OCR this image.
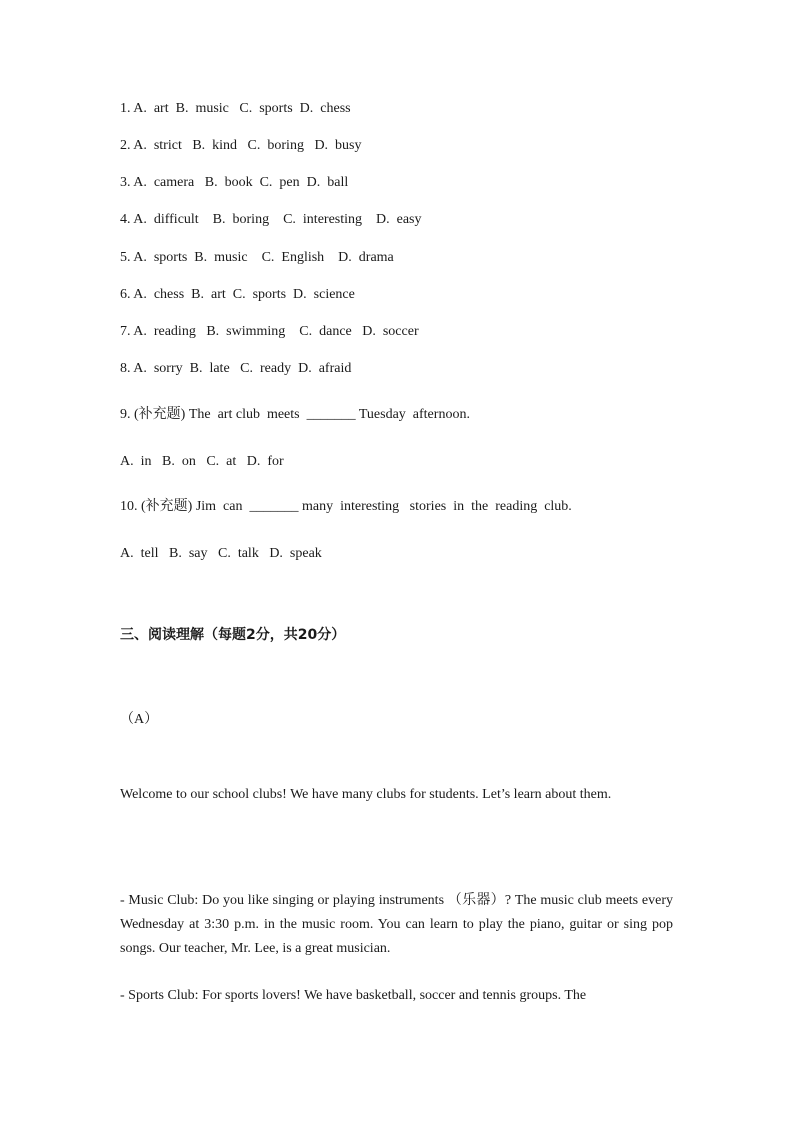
1. A.  art  B.  music   C.  sports  D.  chess
2. A.  strict   B.  kind   C.  boring   D.  busy
3. A.  camera   B.  book  C.  pen  D.  ball
4. A.  difficult    B.  boring    C.  interesting    D.  easy
5. A.  sports  B.  music    C.  English    D.  drama
6. A.  chess  B.  art  C.  sports  D.  science
7. A.  reading   B.  swimming    C.  dance   D.  soccer
8. A.  sorry  B.  late   C.  ready  D.  afraid
9. (补充题) The  art club  meets  _______ Tuesday  afternoon.
A.  in   B.  on   C.  at   D.  for
10. (补充题) Jim  can  _______ many  interesting   stories  in  the  reading  club.
A.  tell   B.  say   C.  talk   D.  speak
三、阅读理解（每题2分，共20分）
（A）
Welcome to our school clubs! We have many clubs for students. Let’s learn about them.
- Music Club: Do you like singing or playing instruments （乐器）? The music club meets every Wednesday at 3:30 p.m. in the music room. You can learn to play the piano, guitar or sing pop songs. Our teacher, Mr. Lee, is a great musician.
- Sports Club: For sports lovers! We have basketball, soccer and tennis groups. The
